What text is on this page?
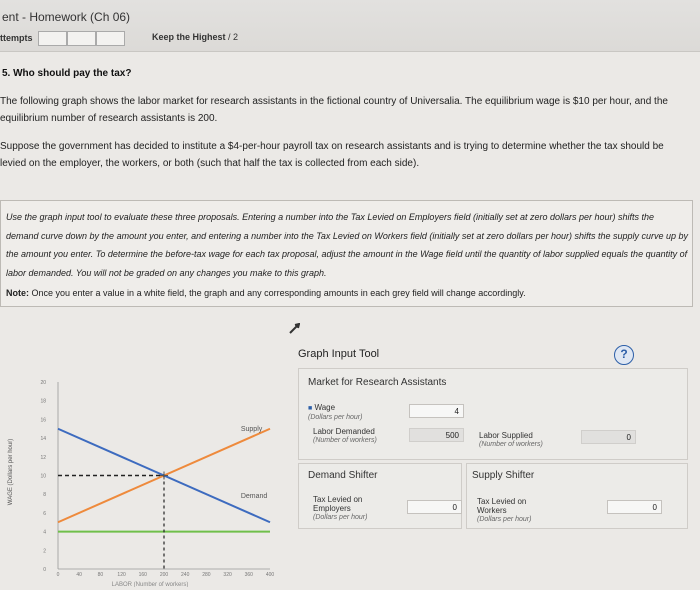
ent - Homework (Ch 06)
ttempts	Keep the Highest / 2
5. Who should pay the tax?
The following graph shows the labor market for research assistants in the fictional country of Universalia. The equilibrium wage is $10 per hour, and the equilibrium number of research assistants is 200.
Suppose the government has decided to institute a $4-per-hour payroll tax on research assistants and is trying to determine whether the tax should be levied on the employer, the workers, or both (such that half the tax is collected from each side).
Use the graph input tool to evaluate these three proposals. Entering a number into the Tax Levied on Employers field (initially set at zero dollars per hour) shifts the demand curve down by the amount you enter, and entering a number into the Tax Levied on Workers field (initially set at zero dollars per hour) shifts the supply curve up by the amount you enter. To determine the before-tax wage for each tax proposal, adjust the amount in the Wage field until the quantity of labor supplied equals the quantity of labor demanded. You will not be graded on any changes you make to this graph.
Note: Once you enter a value in a white field, the graph and any corresponding amounts in each grey field will change accordingly.
WAGE (Dollars per hour)
0
2
4
6
8
10
12
14
16
18
20
0	40	80	120	160	200	240	280	320	360	400
Supply
Demand
LABOR (Number of workers)
Graph Input Tool	?
Market for Research Assistants
■ Wage
(Dollars per hour)
4
Labor Demanded
(Number of workers)
500	Labor Supplied
(Number of workers)
0
Demand Shifter
Tax Levied on Employers
(Dollars per hour)
0
Supply Shifter
Tax Levied on Workers
(Dollars per hour)
0
